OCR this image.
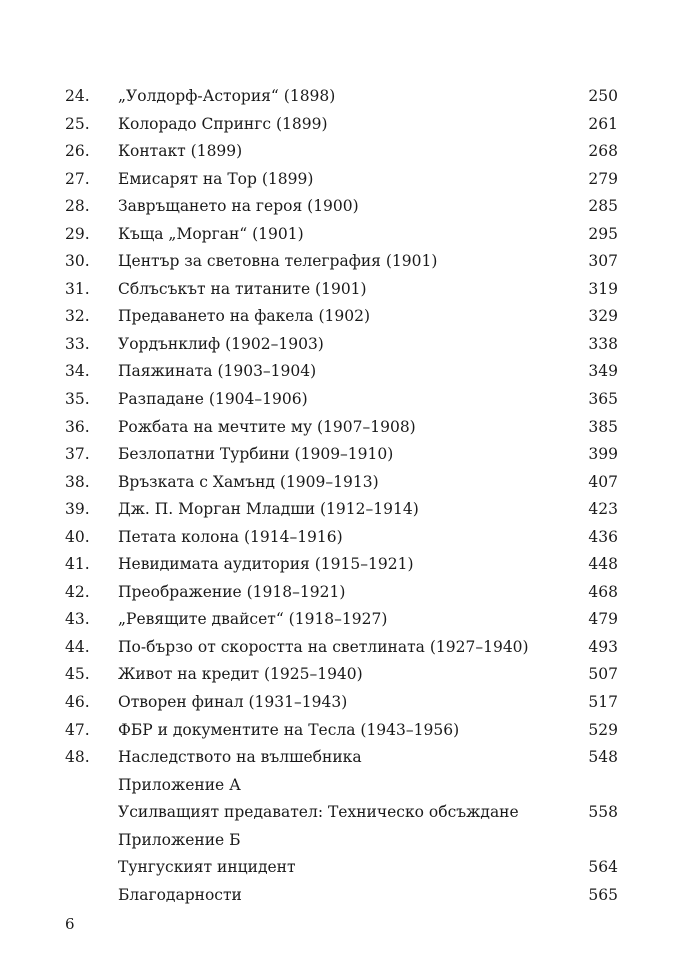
24. „Уолдорф-Астория“ (1898)	250
25. Колорадо Спрингс (1899)	261
26. Контакт (1899)	268
27. Емисарят на Тор (1899)	279
28. Завръщането на героя (1900)	285
29. Къща „Морган“ (1901)	295
30. Център за световна телеграфия (1901)	307
31. Сблъсъкът на титаните (1901)	319
32. Предаването на факела (1902)	329
33. Уордънклиф (1902–1903)	338
34. Паяжината (1903–1904)	349
35. Разпадане (1904–1906)	365
36. Рожбата на мечтите му (1907–1908)	385
37. Безлопатни Турбини (1909–1910)	399
38. Връзката с Хамънд (1909–1913)	407
39. Дж. П. Морган Младши (1912–1914)	423
40. Петата колона (1914–1916)	436
41. Невидимата аудитория (1915–1921)	448
42. Преображение (1918–1921)	468
43. „Ревящите двайсет“ (1918–1927)	479
44. По-бързо от скоростта на светлината (1927–1940)	493
45. Живот на кредит (1925–1940)	507
46. Отворен финал (1931–1943)	517
47. ФБР и документите на Тесла (1943–1956)	529
48. Наследството на вълшебника	548
Приложение А
Усилващият предавател: Техническо обсъждане	558
Приложение Б
Тунгуският инцидент	564
Благодарности	565
6
